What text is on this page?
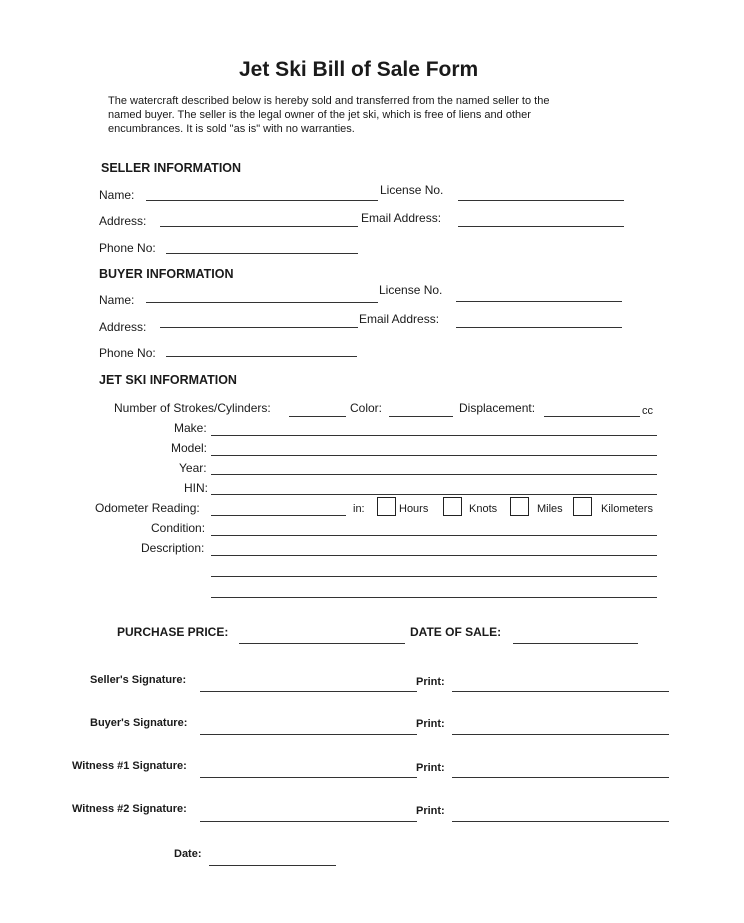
Jet Ski Bill of Sale Form
The watercraft described below is hereby sold and transferred from the named seller to the named buyer. The seller is the legal owner of the jet ski, which is free of liens and other encumbrances. It is sold "as is" with no warranties.
SELLER INFORMATION
Name:	License No.
Address:	Email Address:
Phone No:
BUYER INFORMATION
Name:
License No.
Address:
Email Address:
Phone No:
JET SKI INFORMATION
Number of Strokes/Cylinders:	Color:	Displacement:	cc
Make:
Model:
Year:
HIN:
Odometer Reading:	in:	Hours	Knots	Miles	Kilometers
Condition:
Description:
PURCHASE PRICE:	DATE OF SALE:
Seller's Signature:	Print:
Buyer's Signature:	Print:
Witness #1 Signature:	Print:
Witness #2 Signature:	Print:
Date:
